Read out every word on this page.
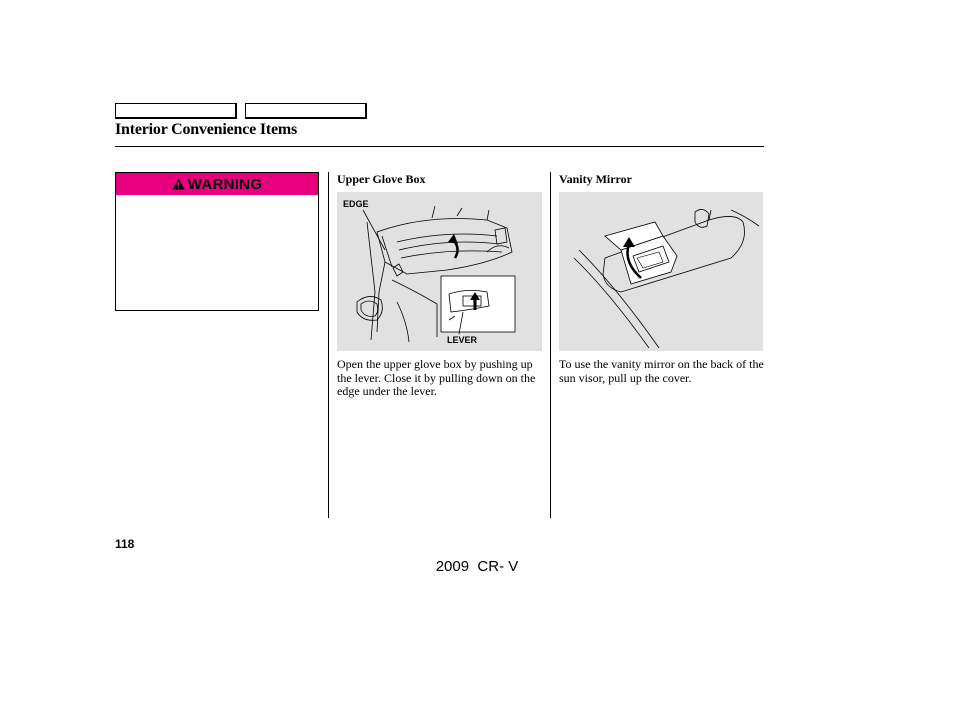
Interior Convenience Items
WARNING	Upper Glove Box	Vanity Mirror
EDGE
LEVER
Open the upper glove box by pushing up the lever. Close it by pulling down on the edge under the lever.
To use the vanity mirror on the back of the sun visor, pull up the cover.
118
2009  CR- V
